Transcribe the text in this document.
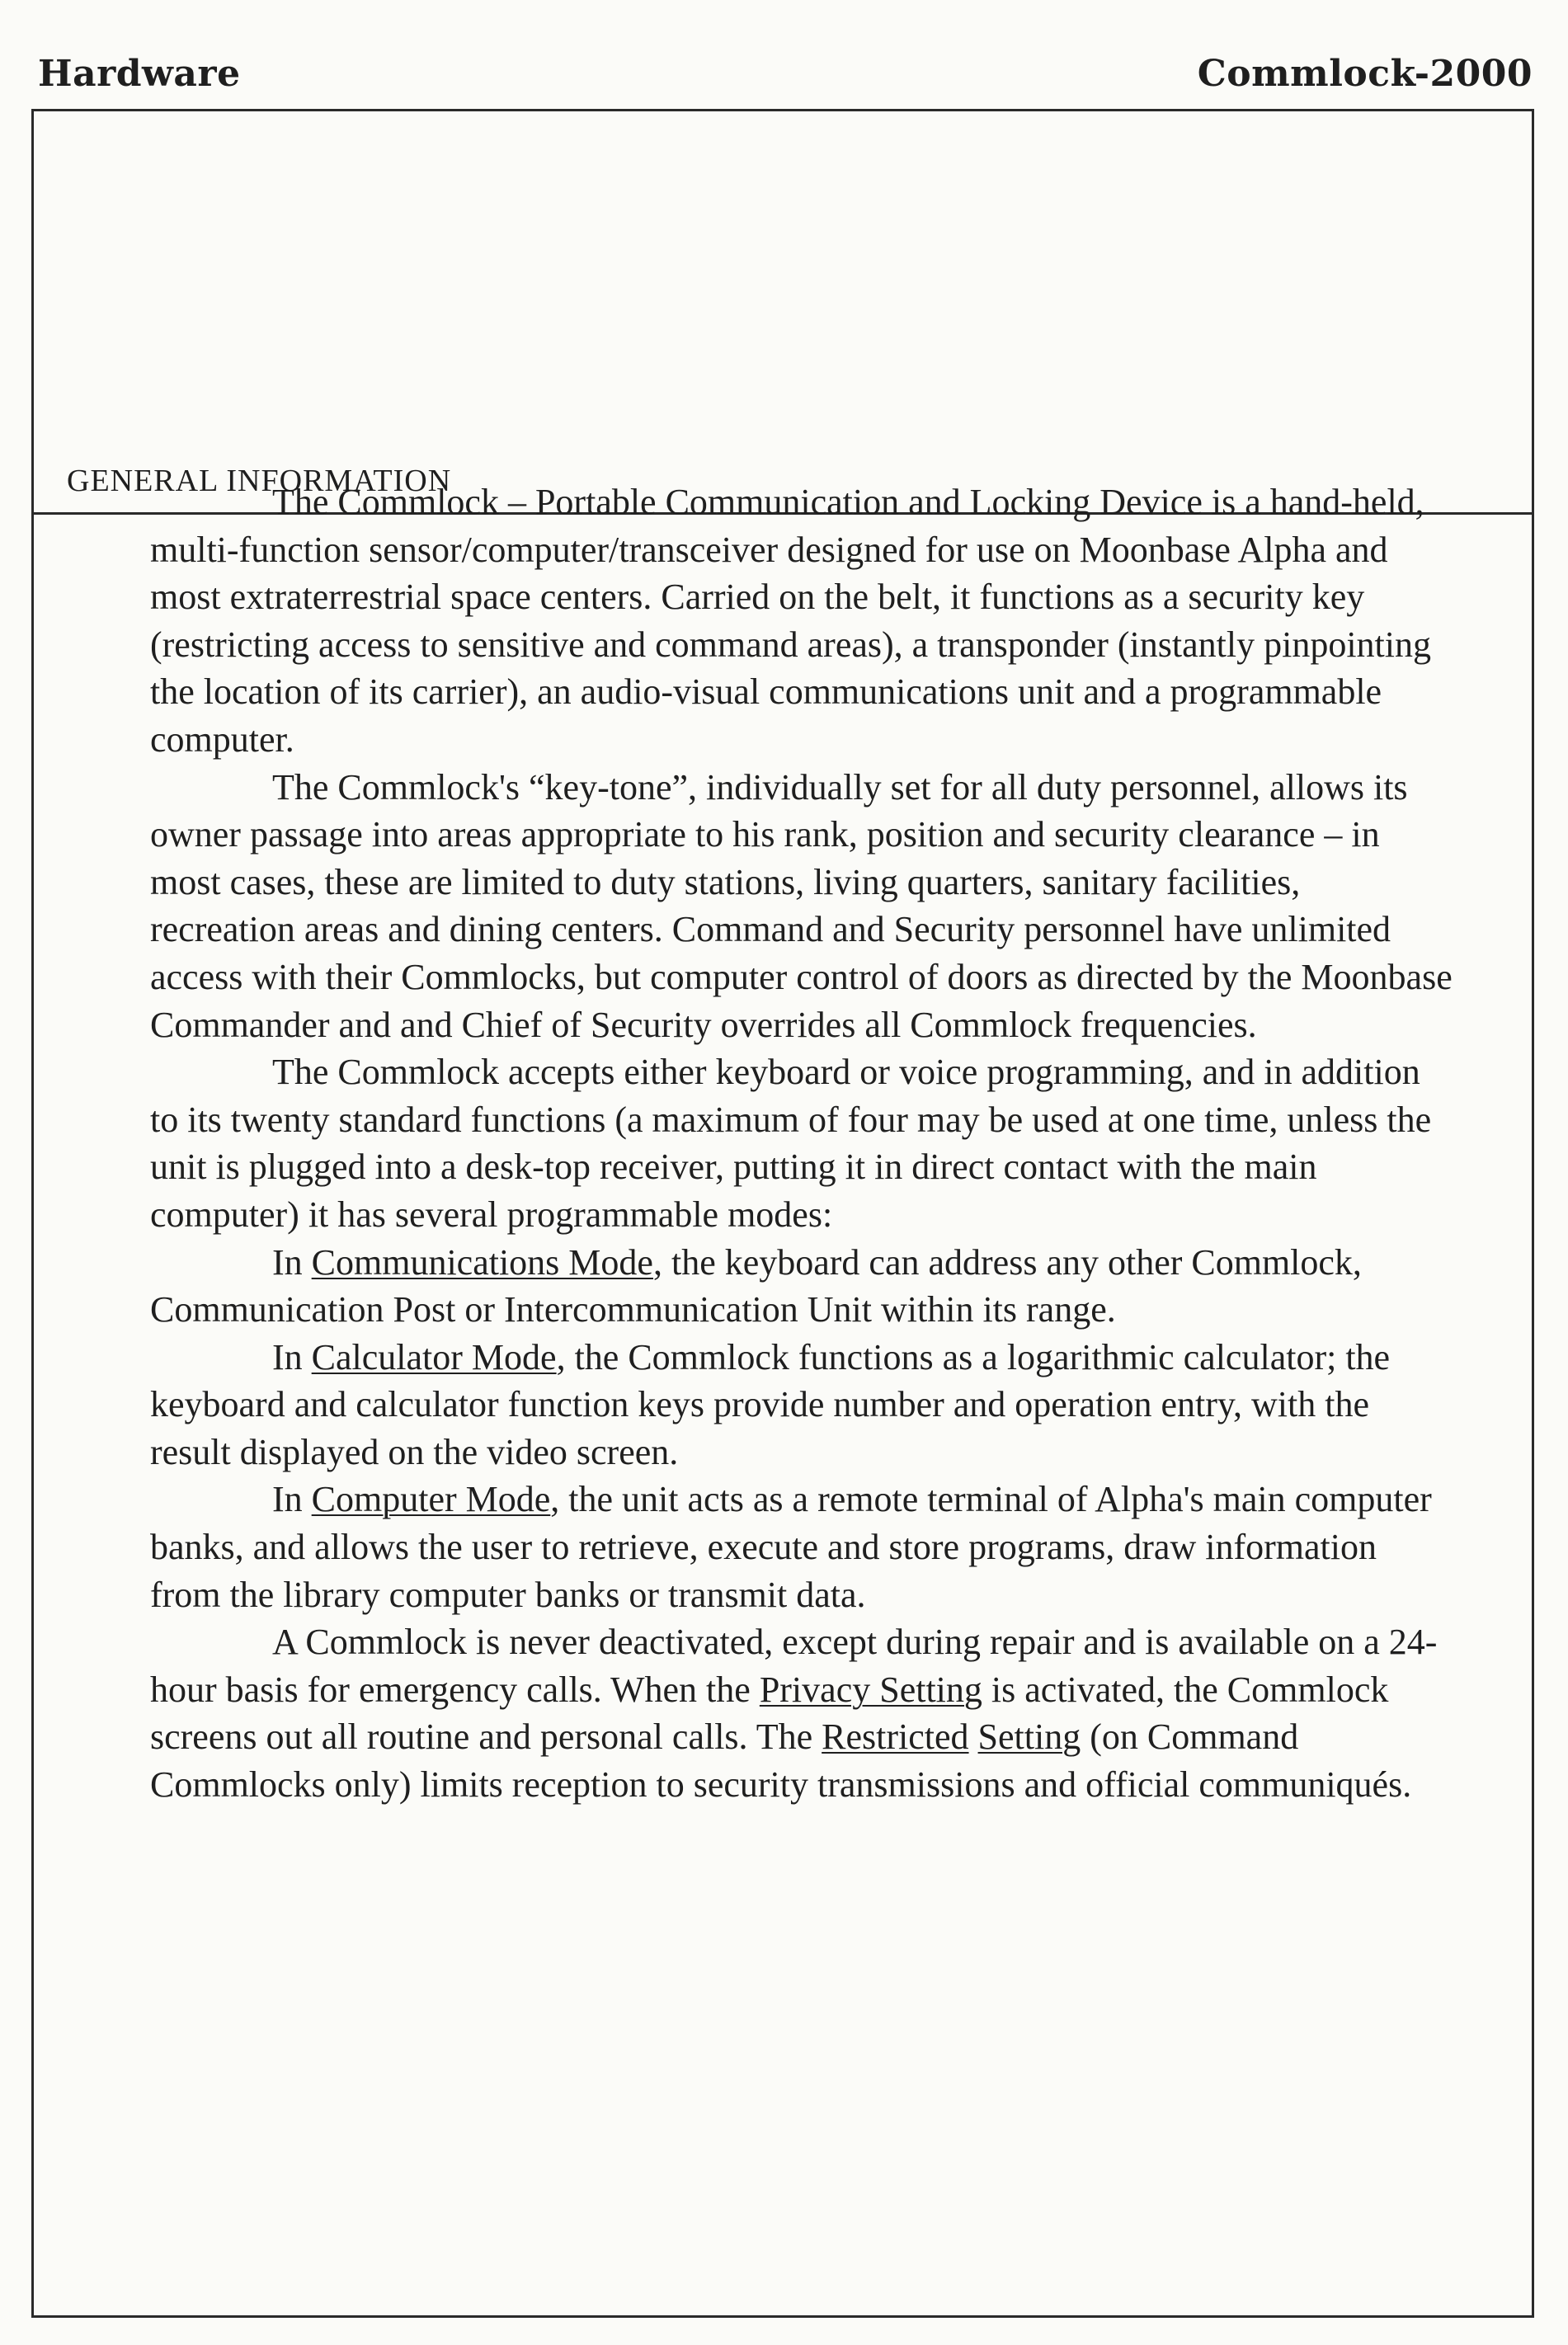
Hardware	Commlock-2000
GENERAL INFORMATION

The Commlock – Portable Communication and Locking Device is a hand-held, multi-function sensor/computer/transceiver designed for use on Moonbase Alpha and most extraterrestrial space centers. Carried on the belt, it functions as a security key (restricting access to sensitive and command areas), a transponder (instantly pinpointing the location of its carrier), an audio-visual communications unit and a programmable computer.

The Commlock's “key-tone”, individually set for all duty personnel, allows its owner passage into areas appropriate to his rank, position and security clearance – in most cases, these are limited to duty stations, living quarters, sanitary facilities, recreation areas and dining centers. Command and Security personnel have unlimited access with their Commlocks, but computer control of doors as directed by the Moonbase Commander and and Chief of Security overrides all Commlock frequencies.

The Commlock accepts either keyboard or voice programming, and in addition to its twenty standard functions (a maximum of four may be used at one time, unless the unit is plugged into a desk-top receiver, putting it in direct contact with the main computer) it has several programmable modes:

In Communications Mode, the keyboard can address any other Commlock, Communication Post or Intercommunication Unit within its range.

In Calculator Mode, the Commlock functions as a logarithmic calculator; the keyboard and calculator function keys provide number and operation entry, with the result displayed on the video screen.

In Computer Mode, the unit acts as a remote terminal of Alpha's main computer banks, and allows the user to retrieve, execute and store programs, draw information from the library computer banks or transmit data.

A Commlock is never deactivated, except during repair and is available on a 24-hour basis for emergency calls. When the Privacy Setting is activated, the Commlock screens out all routine and personal calls. The Restricted Setting (on Command Commlocks only) limits reception to security transmissions and official communiqués.
